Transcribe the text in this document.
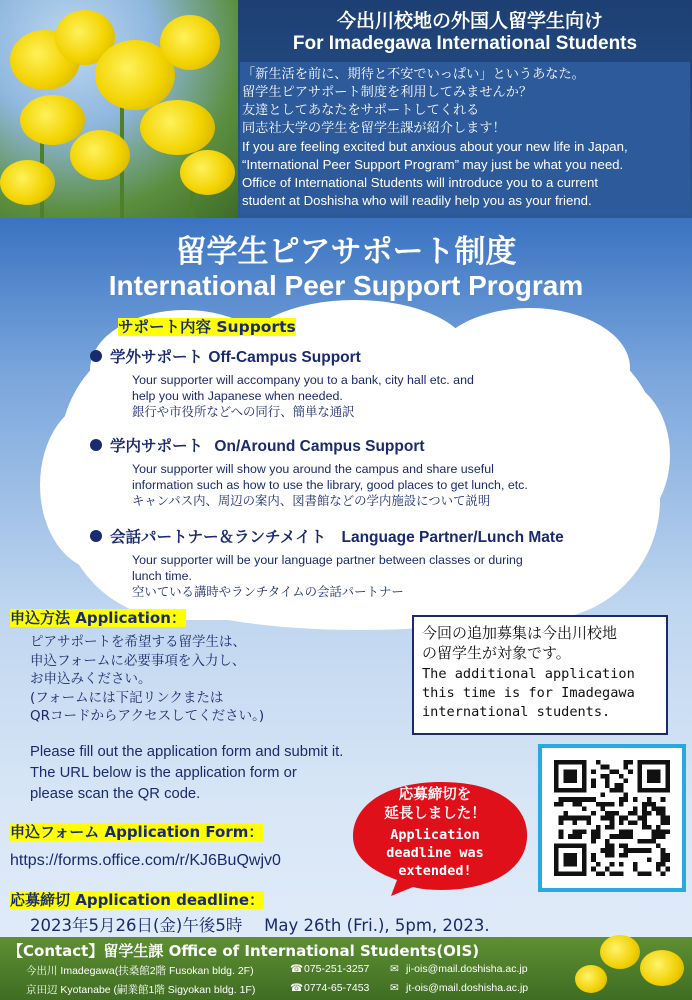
今出川校地の外国人留学生向け
For Imadegawa International Students
「新生活を前に、期待と不安でいっぱい」というあなた。
留学生ピアサポート制度を利用してみませんか？
友達としてあなたをサポートしてくれる
同志社大学の学生を留学生課が紹介します！
If you are feeling excited but anxious about your new life in Japan,
“International Peer Support Program” may just be what you need.
Office of International Students will introduce you to a current
student at Doshisha who will readily help you as your friend.
留学生ピアサポート制度
International Peer Support Program
サポート内容 Supports
学外サポート Off-Campus Support
Your supporter will accompany you to a bank, city hall etc. and
help you with Japanese when needed.
銀行や市役所などへの同行、簡単な通訳
学内サポート On/Around Campus Support
Your supporter will show you around the campus and share useful
information such as how to use the library, good places to get lunch, etc.
キャンパス内、周辺の案内、図書館などの学内施設について説明
会話パートナー＆ランチメイト Language Partner/Lunch Mate
Your supporter will be your language partner between classes or during
lunch time.
空いている講時やランチタイムの会話パートナー
申込方法 Application：
ピアサポートを希望する留学生は、
申込フォームに必要事項を入力し、
お申込みください。
(フォームには下記リンクまたは
QRコードからアクセスしてください。)
Please fill out the application form and submit it.
The URL below is the application form or
please scan the QR code.
今回の追加募集は今出川校地
の留学生が対象です。
The additional application
this time is for Imadegawa
international students.
申込フォーム Application Form：
https://forms.office.com/r/KJ6BuQwjv0
応募締切を
延長しました！
Application
deadline was
extended!
応募締切 Application deadline：
2023年5月26日(金)午後5時　 May 26th (Fri.), 5pm, 2023.
【Contact】留学生課 Office of International Students(OIS)
今出川 Imadegawa(扶桑館2階 Fusokan bldg. 2F)	☎ 075-251-3257 ✉ ji-ois@mail.doshisha.ac.jp
京田辺 Kyotanabe (嗣業館1階 Sigyokan bldg. 1F)	☎ 0774-65-7453 ✉ jt-ois@mail.doshisha.ac.jp
